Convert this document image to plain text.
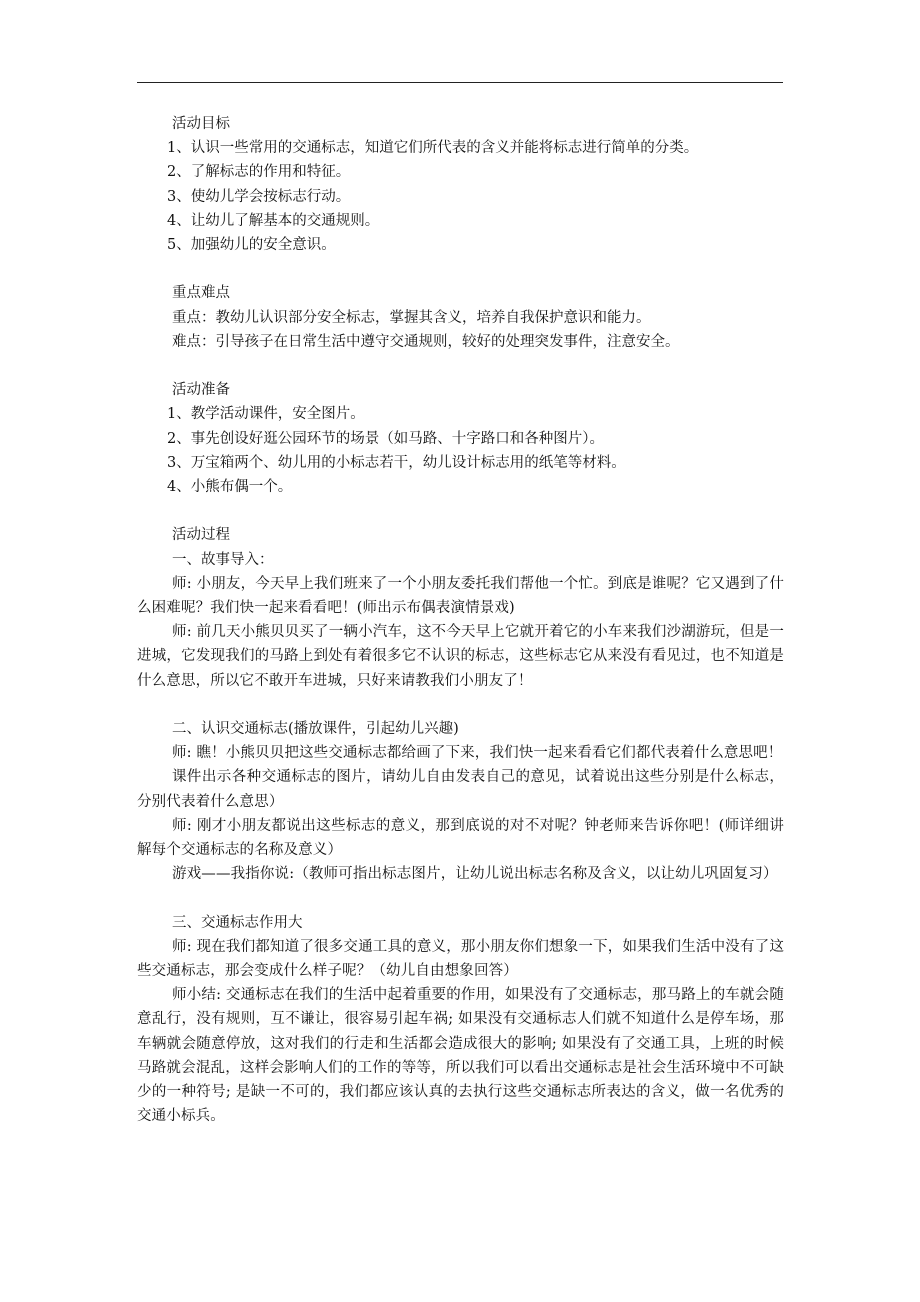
活动目标

1、认识一些常用的交通标志，知道它们所代表的含义并能将标志进行简单的分类。

2、了解标志的作用和特征。

3、使幼儿学会按标志行动。

4、让幼儿了解基本的交通规则。

5、加强幼儿的安全意识。

重点难点

重点：教幼儿认识部分安全标志，掌握其含义，培养自我保护意识和能力。

难点：引导孩子在日常生活中遵守交通规则，较好的处理突发事件，注意安全。

活动准备

1、教学活动课件，安全图片。

2、事先创设好逛公园环节的场景（如马路、十字路口和各种图片）。

3、万宝箱两个、幼儿用的小标志若干，幼儿设计标志用的纸笔等材料。

4、小熊布偶一个。

活动过程

一、故事导入：

师: 小朋友，今天早上我们班来了一个小朋友委托我们帮他一个忙。到底是谁呢？它又遇到了什么困难呢？我们快一起来看看吧！(师出示布偶表演情景戏)

师: 前几天小熊贝贝买了一辆小汽车，这不今天早上它就开着它的小车来我们沙湖游玩，但是一进城，它发现我们的马路上到处有着很多它不认识的标志，这些标志它从来没有看见过，也不知道是什么意思，所以它不敢开车进城，只好来请教我们小朋友了！

二、认识交通标志(播放课件，引起幼儿兴趣)

师: 瞧！小熊贝贝把这些交通标志都给画了下来，我们快一起来看看它们都代表着什么意思吧！

课件出示各种交通标志的图片，请幼儿自由发表自己的意见，试着说出这些分别是什么标志，分别代表着什么意思）

师: 刚才小朋友都说出这些标志的意义，那到底说的对不对呢？钟老师来告诉你吧！(师详细讲解每个交通标志的名称及意义）

游戏——我指你说:（教师可指出标志图片，让幼儿说出标志名称及含义，以让幼儿巩固复习）

三、交通标志作用大

师: 现在我们都知道了很多交通工具的意义，那小朋友你们想象一下，如果我们生活中没有了这些交通标志，那会变成什么样子呢？（幼儿自由想象回答）

师小结: 交通标志在我们的生活中起着重要的作用，如果没有了交通标志，那马路上的车就会随意乱行，没有规则，互不谦让，很容易引起车祸; 如果没有交通标志人们就不知道什么是停车场，那车辆就会随意停放，这对我们的行走和生活都会造成很大的影响; 如果没有了交通工具，上班的时候马路就会混乱，这样会影响人们的工作的等等，所以我们可以看出交通标志是社会生活环境中不可缺少的一种符号; 是缺一不可的，我们都应该认真的去执行这些交通标志所表达的含义，做一名优秀的交通小标兵。
